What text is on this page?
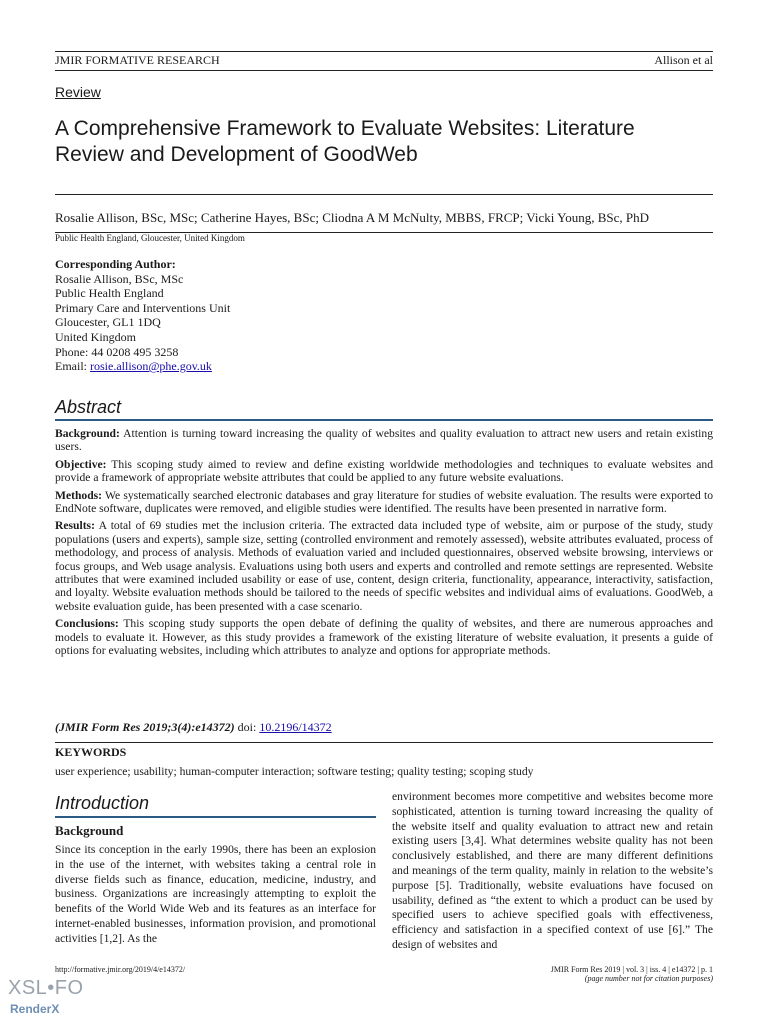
JMIR FORMATIVE RESEARCH	Allison et al
Review
A Comprehensive Framework to Evaluate Websites: Literature
Review and Development of GoodWeb
Rosalie Allison, BSc, MSc; Catherine Hayes, BSc; Cliodna A M McNulty, MBBS, FRCP; Vicki Young, BSc, PhD
Public Health England, Gloucester, United Kingdom
Corresponding Author:
Rosalie Allison, BSc, MSc
Public Health England
Primary Care and Interventions Unit
Gloucester, GL1 1DQ
United Kingdom
Phone: 44 0208 495 3258
Email: rosie.allison@phe.gov.uk
Abstract

Background: Attention is turning toward increasing the quality of websites and quality evaluation to attract new users and retain existing users.

Objective: This scoping study aimed to review and define existing worldwide methodologies and techniques to evaluate websites and provide a framework of appropriate website attributes that could be applied to any future website evaluations.

Methods: We systematically searched electronic databases and gray literature for studies of website evaluation. The results were exported to EndNote software, duplicates were removed, and eligible studies were identified. The results have been presented in narrative form.

Results: A total of 69 studies met the inclusion criteria. The extracted data included type of website, aim or purpose of the study, study populations (users and experts), sample size, setting (controlled environment and remotely assessed), website attributes evaluated, process of methodology, and process of analysis. Methods of evaluation varied and included questionnaires, observed website browsing, interviews or focus groups, and Web usage analysis. Evaluations using both users and experts and controlled and remote settings are represented. Website attributes that were examined included usability or ease of use, content, design criteria, functionality, appearance, interactivity, satisfaction, and loyalty. Website evaluation methods should be tailored to the needs of specific websites and individual aims of evaluations. GoodWeb, a website evaluation guide, has been presented with a case scenario.

Conclusions: This scoping study supports the open debate of defining the quality of websites, and there are numerous approaches and models to evaluate it. However, as this study provides a framework of the existing literature of website evaluation, it presents a guide of options for evaluating websites, including which attributes to analyze and options for appropriate methods.

(JMIR Form Res 2019;3(4):e14372) doi: 10.2196/14372
KEYWORDS
user experience; usability; human-computer interaction; software testing; quality testing; scoping study
Introduction
Background

Since its conception in the early 1990s, there has been an explosion in the use of the internet, with websites taking a central role in diverse fields such as finance, education, medicine, industry, and business. Organizations are increasingly attempting to exploit the benefits of the World Wide Web and its features as an interface for internet-enabled businesses, information provision, and promotional activities [1,2]. As the

environment becomes more competitive and websites become more sophisticated, attention is turning toward increasing the quality of the website itself and quality evaluation to attract new and retain existing users [3,4]. What determines website quality has not been conclusively established, and there are many different definitions and meanings of the term quality, mainly in relation to the website’s purpose [5]. Traditionally, website evaluations have focused on usability, defined as “the extent to which a product can be used by specified users to achieve specified goals with effectiveness, efficiency and satisfaction in a specified context of use [6].” The design of websites and

http://formative.jmir.org/2019/4/e14372/	JMIR Form Res 2019 | vol. 3 | iss. 4 | e14372 | p. 1
(page number not for citation purposes)
XSL•FO
RenderX
